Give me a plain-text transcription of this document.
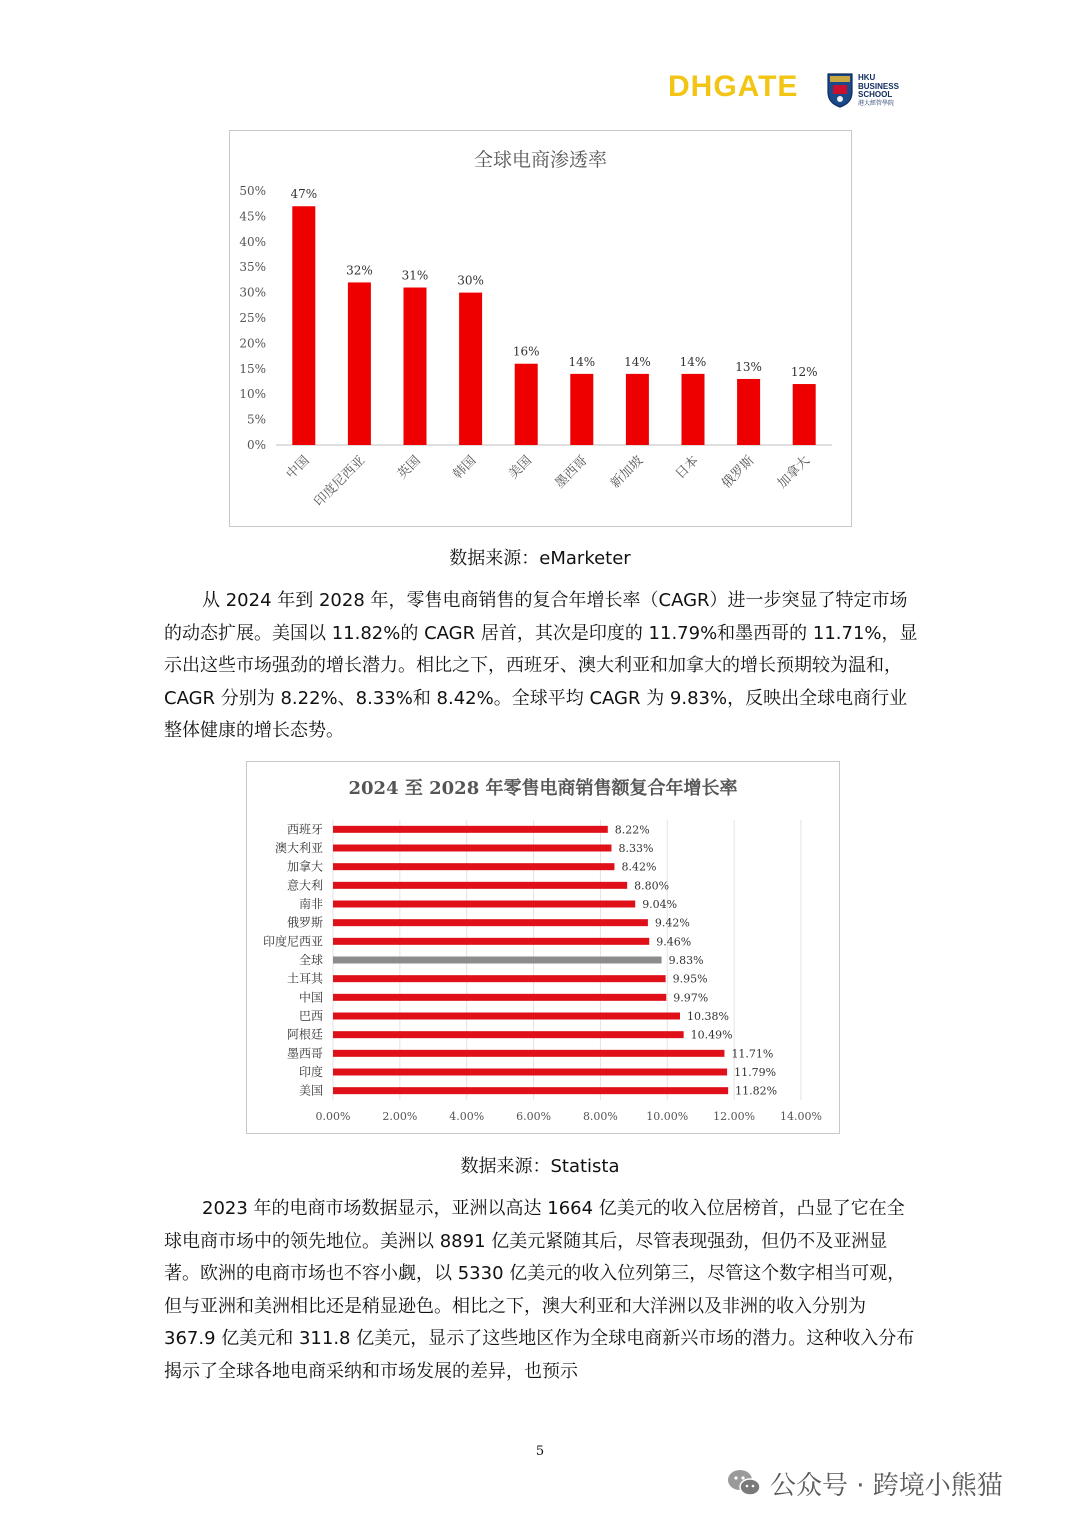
DHGATE	HKU
BUSINESS
SCHOOL
港大經管學院
全球电商渗透率
50%
45%
40%
35%
30%
25%
20%
15%
10%
5%
0%
47%
中国
32%
印度尼西亚
31%
英国
30%
韩国
16%
美国
14%
墨西哥
14%
新加坡
14%
日本
13%
俄罗斯
12%
加拿大
数据来源：eMarketer

从 2024 年到 2028 年，零售电商销售的复合年增长率（CAGR）进一步突显了特定市场的动态扩展。美国以 11.82%的 CAGR 居首，其次是印度的 11.79%和墨西哥的 11.71%，显示出这些市场强劲的增长潜力。相比之下，西班牙、澳大利亚和加拿大的增长预期较为温和，CAGR 分别为 8.22%、8.33%和 8.42%。全球平均 CAGR 为 9.83%，反映出全球电商行业整体健康的增长态势。

2024 至 2028 年零售电商销售额复合年增长率
0.00%	2.00%	4.00%	6.00%	8.00%	10.00% 12.00% 14.00%
西班牙	8.22%
澳大利亚	8.33%
加拿大	8.42%
意大利	8.80%
南非	9.04%
俄罗斯	9.42%
印度尼西亚	9.46%
全球	9.83%
土耳其	9.95%
中国	9.97%
巴西	10.38%
阿根廷	10.49%
墨西哥	11.71%
印度	11.79%
美国	11.82%
数据来源：Statista

2023 年的电商市场数据显示，亚洲以高达 1664 亿美元的收入位居榜首，凸显了它在全球电商市场中的领先地位。美洲以 8891 亿美元紧随其后，尽管表现强劲，但仍不及亚洲显著。欧洲的电商市场也不容小觑，以 5330 亿美元的收入位列第三，尽管这个数字相当可观，但与亚洲和美洲相比还是稍显逊色。相比之下，澳大利亚和大洋洲以及非洲的收入分别为 367.9 亿美元和 311.8 亿美元，显示了这些地区作为全球电商新兴市场的潜力。这种收入分布揭示了全球各地电商采纳和市场发展的差异，也预示

5
公众号 · 跨境小熊猫
